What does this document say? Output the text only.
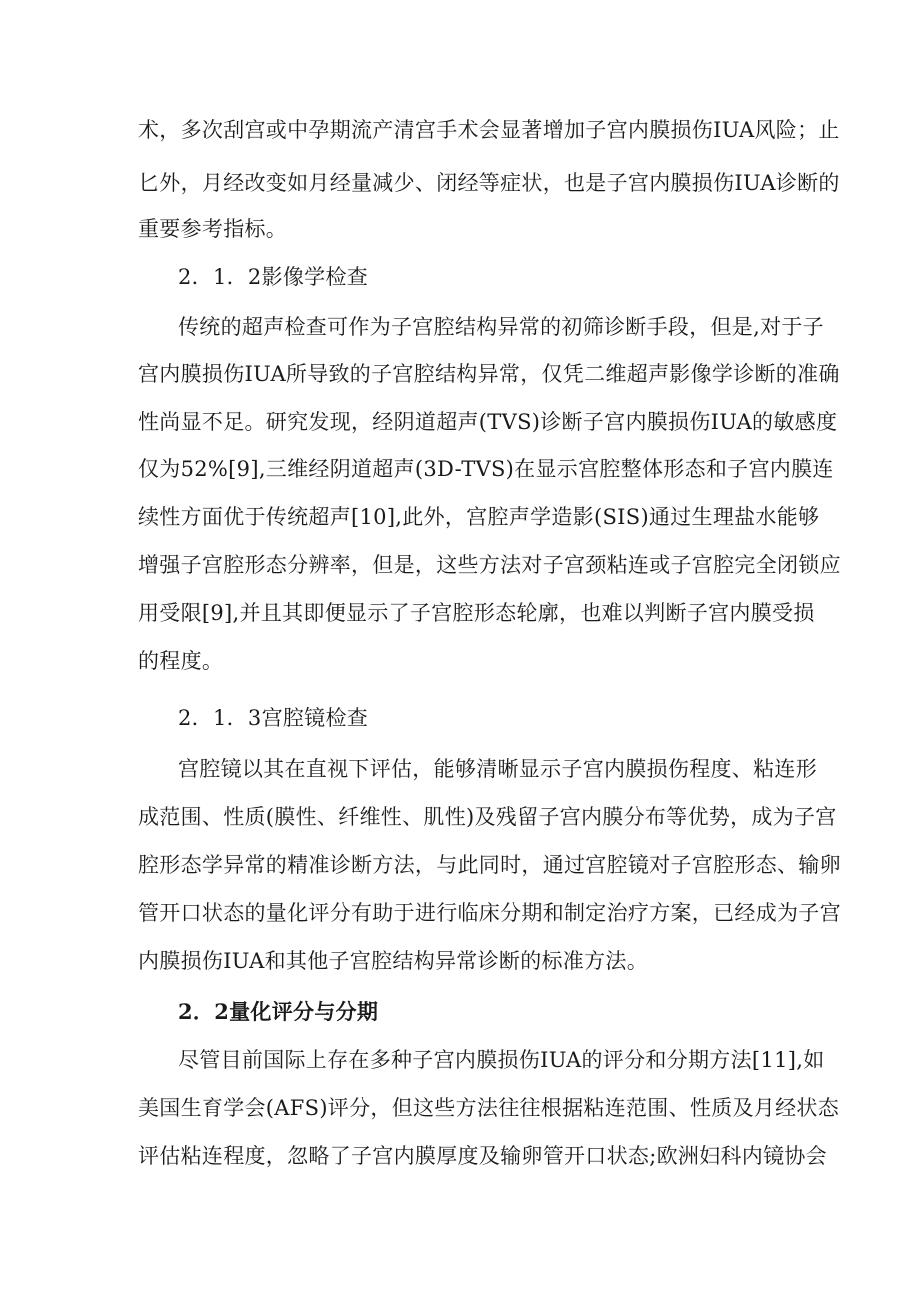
术，多次刮宫或中孕期流产清宫手术会显著增加子宫内膜损伤IUA风险；止
匕外，月经改变如月经量减少、闭经等症状，也是子宫内膜损伤IUA诊断的
重要参考指标。
2．1．2影像学检查
传统的超声检查可作为子宫腔结构异常的初筛诊断手段，但是,对于子
宫内膜损伤IUA所导致的子宫腔结构异常，仅凭二维超声影像学诊断的准确
性尚显不足。研究发现，经阴道超声(TVS)诊断子宫内膜损伤IUA的敏感度
仅为52%[9],三维经阴道超声(3D-TVS)在显示宫腔整体形态和子宫内膜连
续性方面优于传统超声[10],此外，宫腔声学造影(SIS)通过生理盐水能够
增强子宫腔形态分辨率，但是，这些方法对子宫颈粘连或子宫腔完全闭锁应
用受限[9],并且其即便显示了子宫腔形态轮廓，也难以判断子宫内膜受损
的程度。
2．1．3宫腔镜检查
宫腔镜以其在直视下评估，能够清晰显示子宫内膜损伤程度、粘连形
成范围、性质(膜性、纤维性、肌性)及残留子宫内膜分布等优势，成为子宫
腔形态学异常的精准诊断方法，与此同时，通过宫腔镜对子宫腔形态、输卵
管开口状态的量化评分有助于进行临床分期和制定治疗方案，已经成为子宫
内膜损伤IUA和其他子宫腔结构异常诊断的标准方法。
2．2量化评分与分期
尽管目前国际上存在多种子宫内膜损伤IUA的评分和分期方法[11],如
美国生育学会(AFS)评分，但这些方法往往根据粘连范围、性质及月经状态
评估粘连程度，忽略了子宫内膜厚度及输卵管开口状态;欧洲妇科内镜协会
